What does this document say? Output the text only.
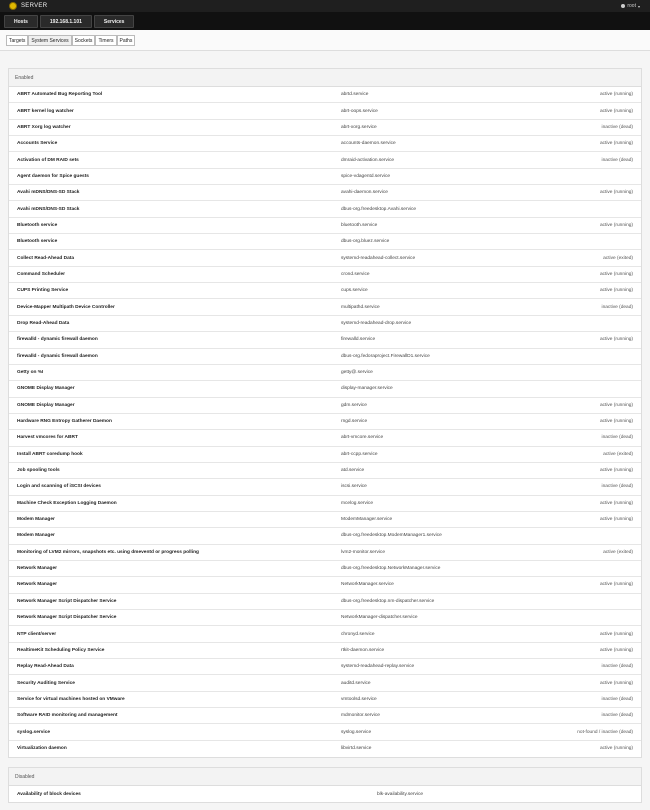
SERVER	root ▾
Hosts	192.168.1.101	Services
Targets	System Services	Sockets	Timers	Paths
Enabled
ABRT Automated Bug Reporting Tool	abrtd.service	active (running)
ABRT kernel log watcher	abrt-oops.service	active (running)
ABRT Xorg log watcher	abrt-xorg.service	inactive (dead)
Accounts Service	accounts-daemon.service	active (running)
Activation of DM RAID sets	dmraid-activation.service	inactive (dead)
Agent daemon for Spice guests	spice-vdagentd.service
Avahi mDNS/DNS-SD Stack	avahi-daemon.service	active (running)
Avahi mDNS/DNS-SD Stack	dbus-org.freedesktop.Avahi.service
Bluetooth service	bluetooth.service	active (running)
Bluetooth service	dbus-org.bluez.service
Collect Read-Ahead Data	systemd-readahead-collect.service	active (exited)
Command Scheduler	crond.service	active (running)
CUPS Printing Service	cups.service	active (running)
Device-Mapper Multipath Device Controller	multipathd.service	inactive (dead)
Drop Read-Ahead Data	systemd-readahead-drop.service
firewalld - dynamic firewall daemon	firewalld.service	active (running)
firewalld - dynamic firewall daemon	dbus-org.fedoraproject.FirewallD1.service
Getty on %I	getty@.service
GNOME Display Manager	display-manager.service
GNOME Display Manager	gdm.service	active (running)
Hardware RNG Entropy Gatherer Daemon	rngd.service	active (running)
Harvest vmcores for ABRT	abrt-vmcore.service	inactive (dead)
Install ABRT coredump hook	abrt-ccpp.service	active (exited)
Job spooling tools	atd.service	active (running)
Login and scanning of iSCSI devices	iscsi.service	inactive (dead)
Machine Check Exception Logging Daemon	mcelog.service	active (running)
Modem Manager	ModemManager.service	active (running)
Modem Manager	dbus-org.freedesktop.ModemManager1.service
Monitoring of LVM2 mirrors, snapshots etc. using dmeventd or progress polling	lvm2-monitor.service	active (exited)
Network Manager	dbus-org.freedesktop.NetworkManager.service
Network Manager	NetworkManager.service	active (running)
Network Manager Script Dispatcher Service	dbus-org.freedesktop.nm-dispatcher.service
Network Manager Script Dispatcher Service	NetworkManager-dispatcher.service
NTP client/server	chronyd.service	active (running)
RealtimeKit Scheduling Policy Service	rtkit-daemon.service	active (running)
Replay Read-Ahead Data	systemd-readahead-replay.service	inactive (dead)
Security Auditing Service	auditd.service	active (running)
Service for virtual machines hosted on VMware	vmtoolsd.service	inactive (dead)
Software RAID monitoring and management	mdmonitor.service	inactive (dead)
syslog.service	syslog.service	not-found / inactive (dead)
Virtualization daemon	libvirtd.service	active (running)
Disabled
Availability of block devices	blk-availability.service
